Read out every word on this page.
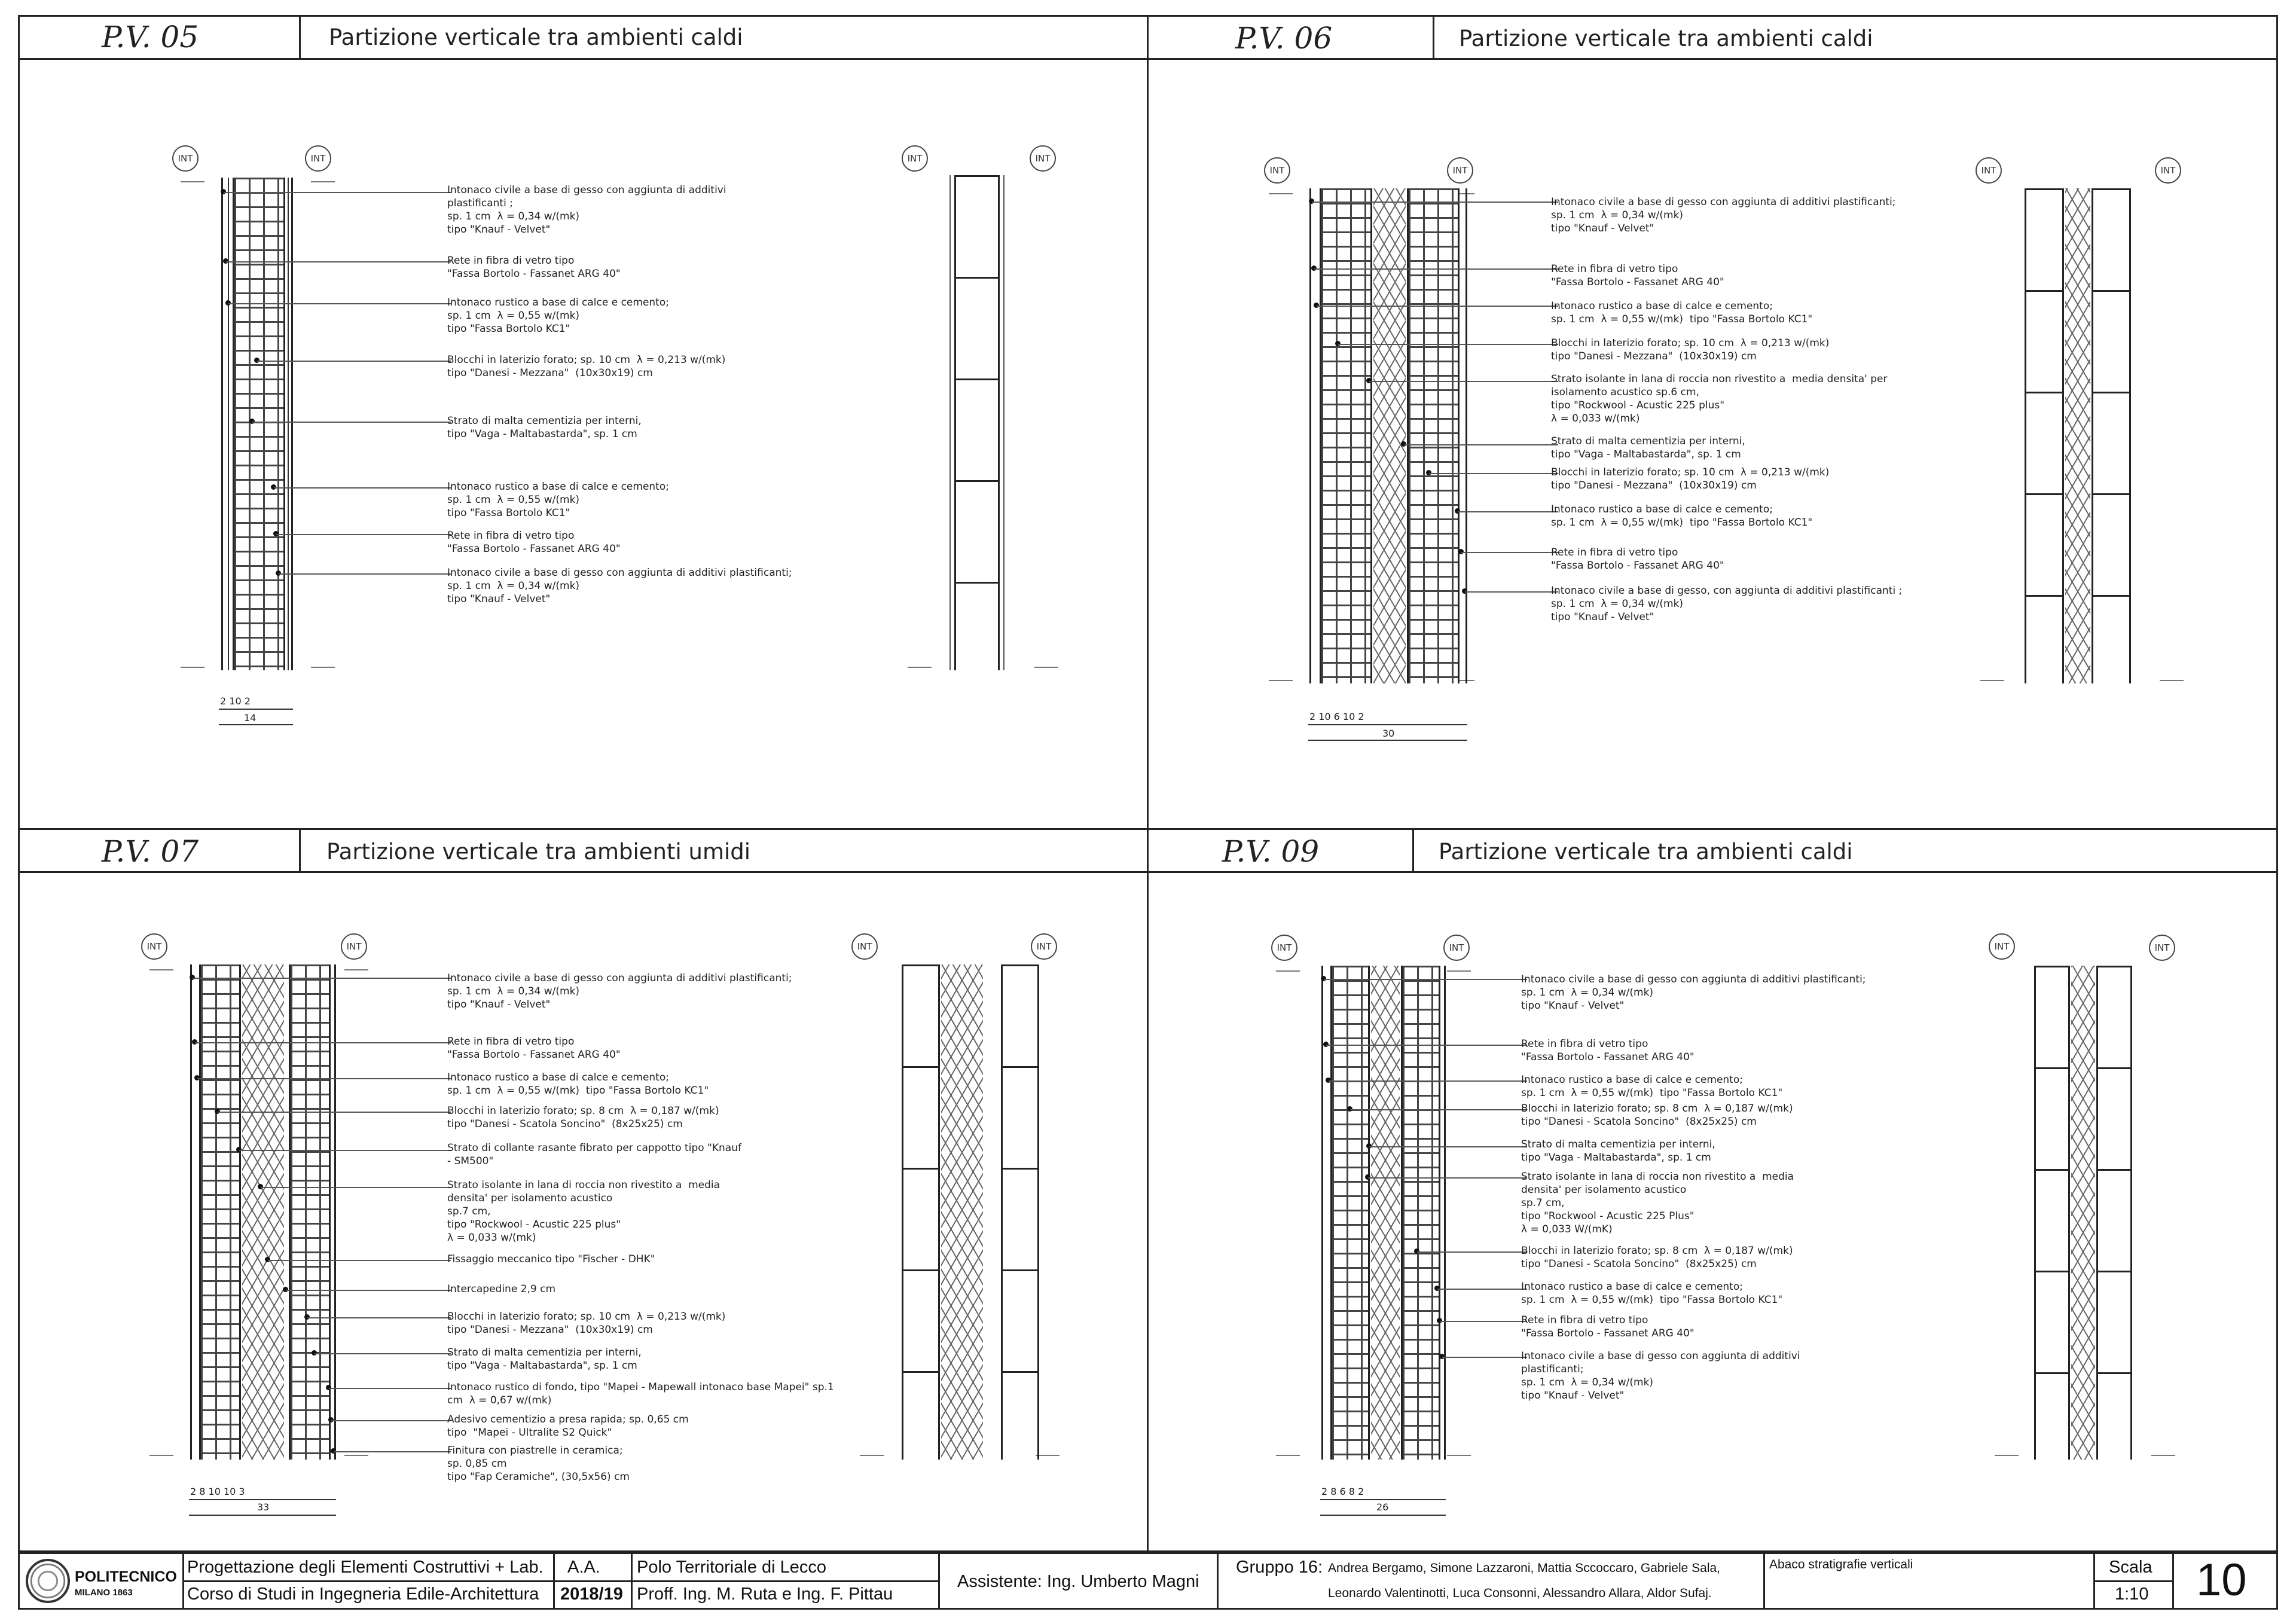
P.V. 05	Partizione verticale tra ambienti caldi
INT	INT
Intonaco civile a base di gesso con aggiunta di additivi
plastificanti ;
sp. 1 cm  λ = 0,34 w/(mk)
tipo "Knauf - Velvet"
Rete in fibra di vetro tipo
"Fassa Bortolo - Fassanet ARG 40"
Intonaco rustico a base di calce e cemento;
sp. 1 cm  λ = 0,55 w/(mk)
tipo "Fassa Bortolo KC1"
Blocchi in laterizio forato; sp. 10 cm  λ = 0,213 w/(mk)
tipo "Danesi - Mezzana"  (10x30x19) cm
Strato di malta cementizia per interni,
tipo "Vaga - Maltabastarda", sp. 1 cm
Intonaco rustico a base di calce e cemento;
sp. 1 cm  λ = 0,55 w/(mk)
tipo "Fassa Bortolo KC1"
Rete in fibra di vetro tipo
"Fassa Bortolo - Fassanet ARG 40"
Intonaco civile a base di gesso con aggiunta di additivi plastificanti;
sp. 1 cm  λ = 0,34 w/(mk)
tipo "Knauf - Velvet"
2 10 2
14
INT	INT
P.V. 06	Partizione verticale tra ambienti caldi
INT	INT
Intonaco civile a base di gesso con aggiunta di additivi plastificanti;
sp. 1 cm  λ = 0,34 w/(mk)
tipo "Knauf - Velvet"
Rete in fibra di vetro tipo
"Fassa Bortolo - Fassanet ARG 40"
Intonaco rustico a base di calce e cemento;
sp. 1 cm  λ = 0,55 w/(mk)  tipo "Fassa Bortolo KC1"
Blocchi in laterizio forato; sp. 10 cm  λ = 0,213 w/(mk)
tipo "Danesi - Mezzana"  (10x30x19) cm
Strato isolante in lana di roccia non rivestito a  media densita' per
isolamento acustico sp.6 cm,
tipo "Rockwool - Acustic 225 plus"
λ = 0,033 w/(mk)
Strato di malta cementizia per interni,
tipo "Vaga - Maltabastarda", sp. 1 cm
Blocchi in laterizio forato; sp. 10 cm  λ = 0,213 w/(mk)
tipo "Danesi - Mezzana"  (10x30x19) cm
Intonaco rustico a base di calce e cemento;
sp. 1 cm  λ = 0,55 w/(mk)  tipo "Fassa Bortolo KC1"
Rete in fibra di vetro tipo
"Fassa Bortolo - Fassanet ARG 40"
Intonaco civile a base di gesso, con aggiunta di additivi plastificanti ;
sp. 1 cm  λ = 0,34 w/(mk)
tipo "Knauf - Velvet"
2 10 6 10 2
30
INT	INT
P.V. 07	Partizione verticale tra ambienti umidi
INT	INT
Intonaco civile a base di gesso con aggiunta di additivi plastificanti;
sp. 1 cm  λ = 0,34 w/(mk)
tipo "Knauf - Velvet"
Rete in fibra di vetro tipo
"Fassa Bortolo - Fassanet ARG 40"
Intonaco rustico a base di calce e cemento;
sp. 1 cm  λ = 0,55 w/(mk)  tipo "Fassa Bortolo KC1"
Blocchi in laterizio forato; sp. 8 cm  λ = 0,187 w/(mk)
tipo "Danesi - Scatola Soncino"  (8x25x25) cm
Strato di collante rasante fibrato per cappotto tipo "Knauf
- SM500"
Strato isolante in lana di roccia non rivestito a  media
densita' per isolamento acustico
sp.7 cm,
tipo "Rockwool - Acustic 225 plus"
λ = 0,033 w/(mk)
Fissaggio meccanico tipo "Fischer - DHK"
Intercapedine 2,9 cm
Blocchi in laterizio forato; sp. 10 cm  λ = 0,213 w/(mk)
tipo "Danesi - Mezzana"  (10x30x19) cm
Strato di malta cementizia per interni,
tipo "Vaga - Maltabastarda", sp. 1 cm
Intonaco rustico di fondo, tipo "Mapei - Mapewall intonaco base Mapei" sp.1
cm  λ = 0,67 w/(mk)
Adesivo cementizio a presa rapida; sp. 0,65 cm
tipo  "Mapei - Ultralite S2 Quick"
Finitura con piastrelle in ceramica;
sp. 0,85 cm
tipo "Fap Ceramiche", (30,5x56) cm
2 8 10 10 3
33
INT	INT
P.V. 09	Partizione verticale tra ambienti caldi
INT	INT
Intonaco civile a base di gesso con aggiunta di additivi plastificanti;
sp. 1 cm  λ = 0,34 w/(mk)
tipo "Knauf - Velvet"
Rete in fibra di vetro tipo
"Fassa Bortolo - Fassanet ARG 40"
Intonaco rustico a base di calce e cemento;
sp. 1 cm  λ = 0,55 w/(mk)  tipo "Fassa Bortolo KC1"
Blocchi in laterizio forato; sp. 8 cm  λ = 0,187 w/(mk)
tipo "Danesi - Scatola Soncino"  (8x25x25) cm
Strato di malta cementizia per interni,
tipo "Vaga - Maltabastarda", sp. 1 cm
Strato isolante in lana di roccia non rivestito a  media
densita' per isolamento acustico
sp.7 cm,
tipo "Rockwool - Acustic 225 Plus"
λ = 0,033 W/(mK)
Blocchi in laterizio forato; sp. 8 cm  λ = 0,187 w/(mk)
tipo "Danesi - Scatola Soncino"  (8x25x25) cm
Intonaco rustico a base di calce e cemento;
sp. 1 cm  λ = 0,55 w/(mk)  tipo "Fassa Bortolo KC1"
Rete in fibra di vetro tipo
"Fassa Bortolo - Fassanet ARG 40"
Intonaco civile a base di gesso con aggiunta di additivi
plastificanti;
sp. 1 cm  λ = 0,34 w/(mk)
tipo "Knauf - Velvet"
2 8 6 8 2
26
INT	INT
POLITECNICO
MILANO 1863
Progettazione degli Elementi Costruttivi + Lab.
Corso di Studi in Ingegneria Edile-Architettura
A.A.
2018/19
Polo Territoriale di Lecco
Proff. Ing. M. Ruta e Ing. F. Pittau
Assistente: Ing. Umberto Magni
Gruppo 16: Andrea Bergamo, Simone Lazzaroni, Mattia Sccoccaro, Gabriele Sala,
Leonardo Valentinotti, Luca Consonni, Alessandro Allara, Aldor Sufaj.
Abaco stratigrafie verticali	Scala
1:10 10
